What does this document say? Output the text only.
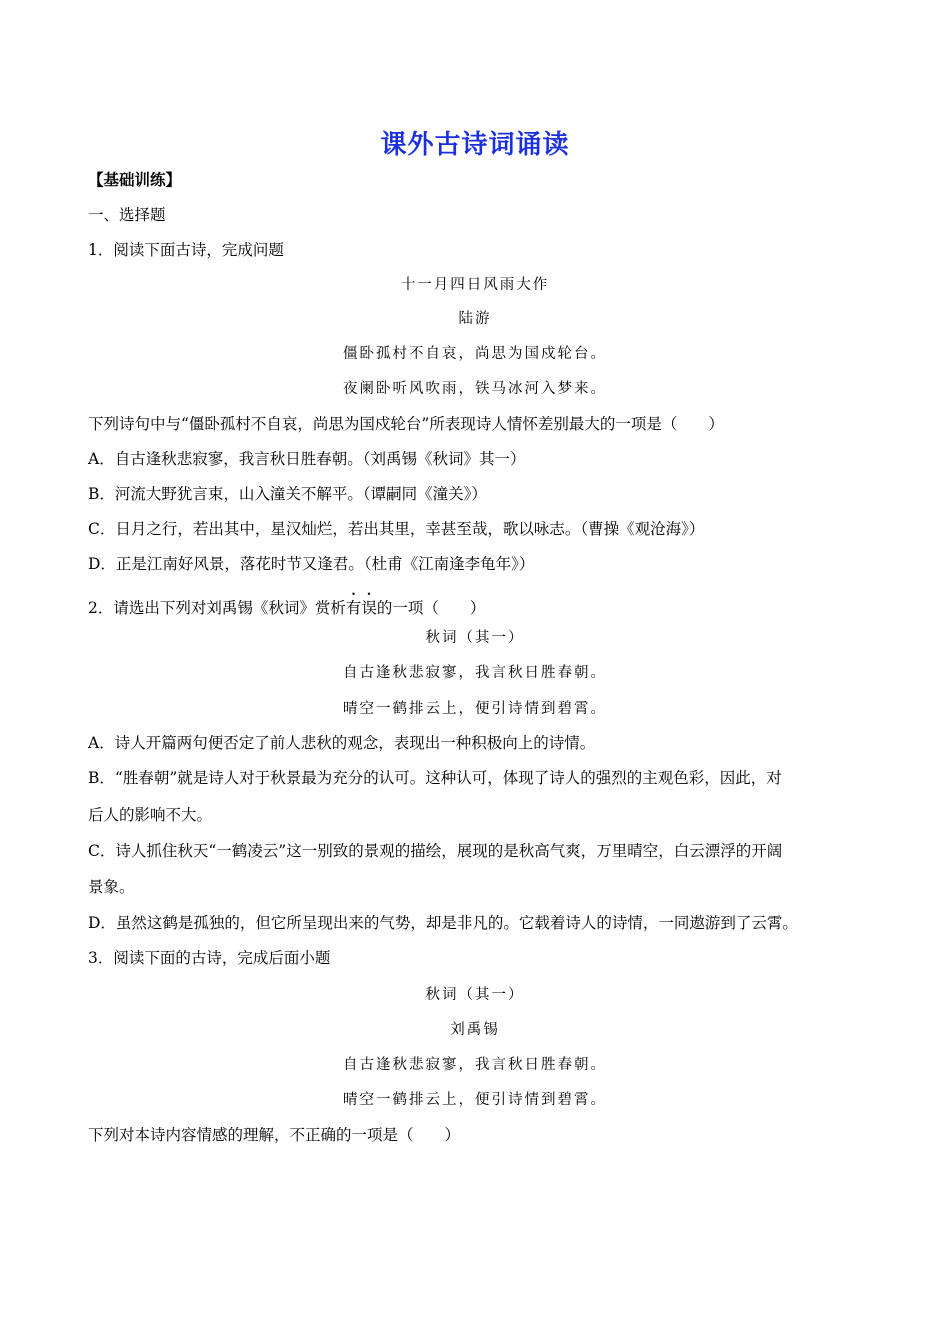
课外古诗词诵读
【基础训练】
一、选择题
1．阅读下面古诗，完成问题
十一月四日风雨大作
陆游
僵卧孤村不自哀，尚思为国戍轮台。
夜阑卧听风吹雨，铁马冰河入梦来。
下列诗句中与“僵卧孤村不自哀，尚思为国戍轮台”所表现诗人情怀差别最大的一项是（　　）
A．自古逢秋悲寂寥，我言秋日胜春朝。（刘禹锡《秋词》其一）
B．河流大野犹言束，山入潼关不解平。（谭嗣同《潼关》）
C．日月之行，若出其中，星汉灿烂，若出其里，幸甚至哉，歌以咏志。（曹操《观沧海》）
D．正是江南好风景，落花时节又逢君。（杜甫《江南逢李龟年》）
2．请选出下列对刘禹锡《秋词》赏析有误的一项（　　）
秋词（其一）
自古逢秋悲寂寥，我言秋日胜春朝。
晴空一鹤排云上，便引诗情到碧霄。
A．诗人开篇两句便否定了前人悲秋的观念，表现出一种积极向上的诗情。
B．“胜春朝”就是诗人对于秋景最为充分的认可。这种认可，体现了诗人的强烈的主观色彩，因此，对
后人的影响不大。
C．诗人抓住秋天“一鹤凌云”这一别致的景观的描绘，展现的是秋高气爽，万里晴空，白云漂浮的开阔
景象。
D．虽然这鹤是孤独的，但它所呈现出来的气势，却是非凡的。它载着诗人的诗情，一同遨游到了云霄。
3．阅读下面的古诗，完成后面小题
秋词（其一）
刘禹锡
自古逢秋悲寂寥，我言秋日胜春朝。
晴空一鹤排云上，便引诗情到碧霄。
下列对本诗内容情感的理解，不正确的一项是（　　）
